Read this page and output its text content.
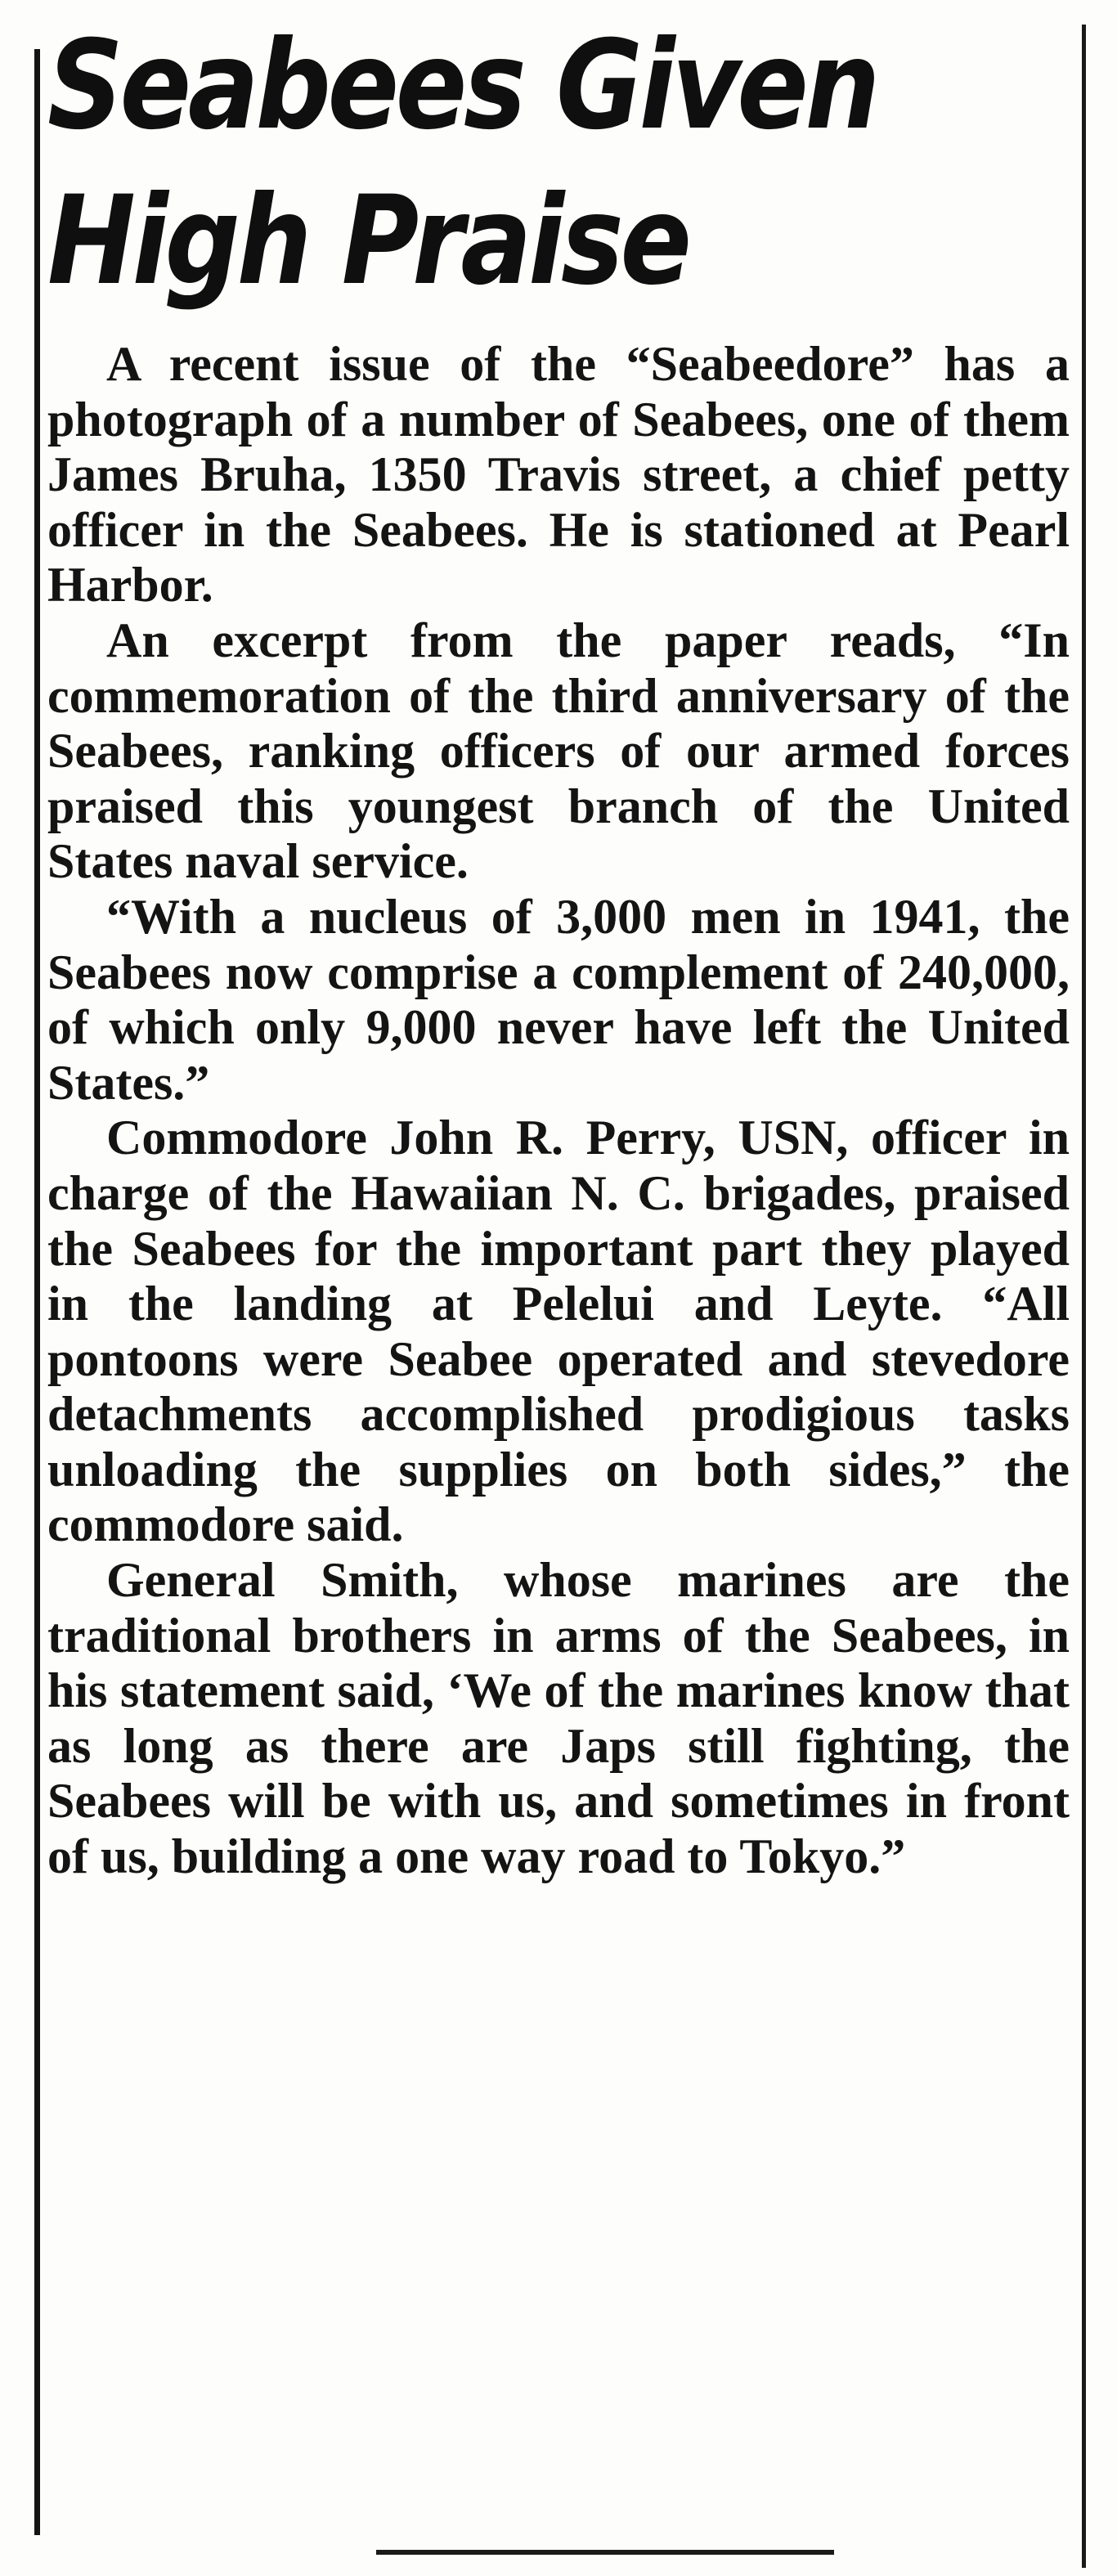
Seabees Given
High Praise

A recent issue of the “Seabeedore” has a photograph of a number of Seabees, one of them James Bruha, 1350 Travis street, a chief petty officer in the Seabees. He is stationed at Pearl Harbor.

An excerpt from the paper reads, “In commemoration of the third anniversary of the Seabees, ranking officers of our armed forces praised this youngest branch of the United States naval service.

“With a nucleus of 3,000 men in 1941, the Seabees now comprise a complement of 240,000, of which only 9,000 never have left the United States.”

Commodore John R. Perry, USN, officer in charge of the Hawaiian N. C. brigades, praised the Seabees for the important part they played in the landing at Pelelui and Leyte. “All pontoons were Seabee operated and stevedore detachments accomplished prodigious tasks unloading the supplies on both sides,” the commodore said.

General Smith, whose marines are the traditional brothers in arms of the Seabees, in his statement said, ‘We of the marines know that as long as there are Japs still fighting, the Seabees will be with us, and sometimes in front of us, building a one way road to Tokyo.”
